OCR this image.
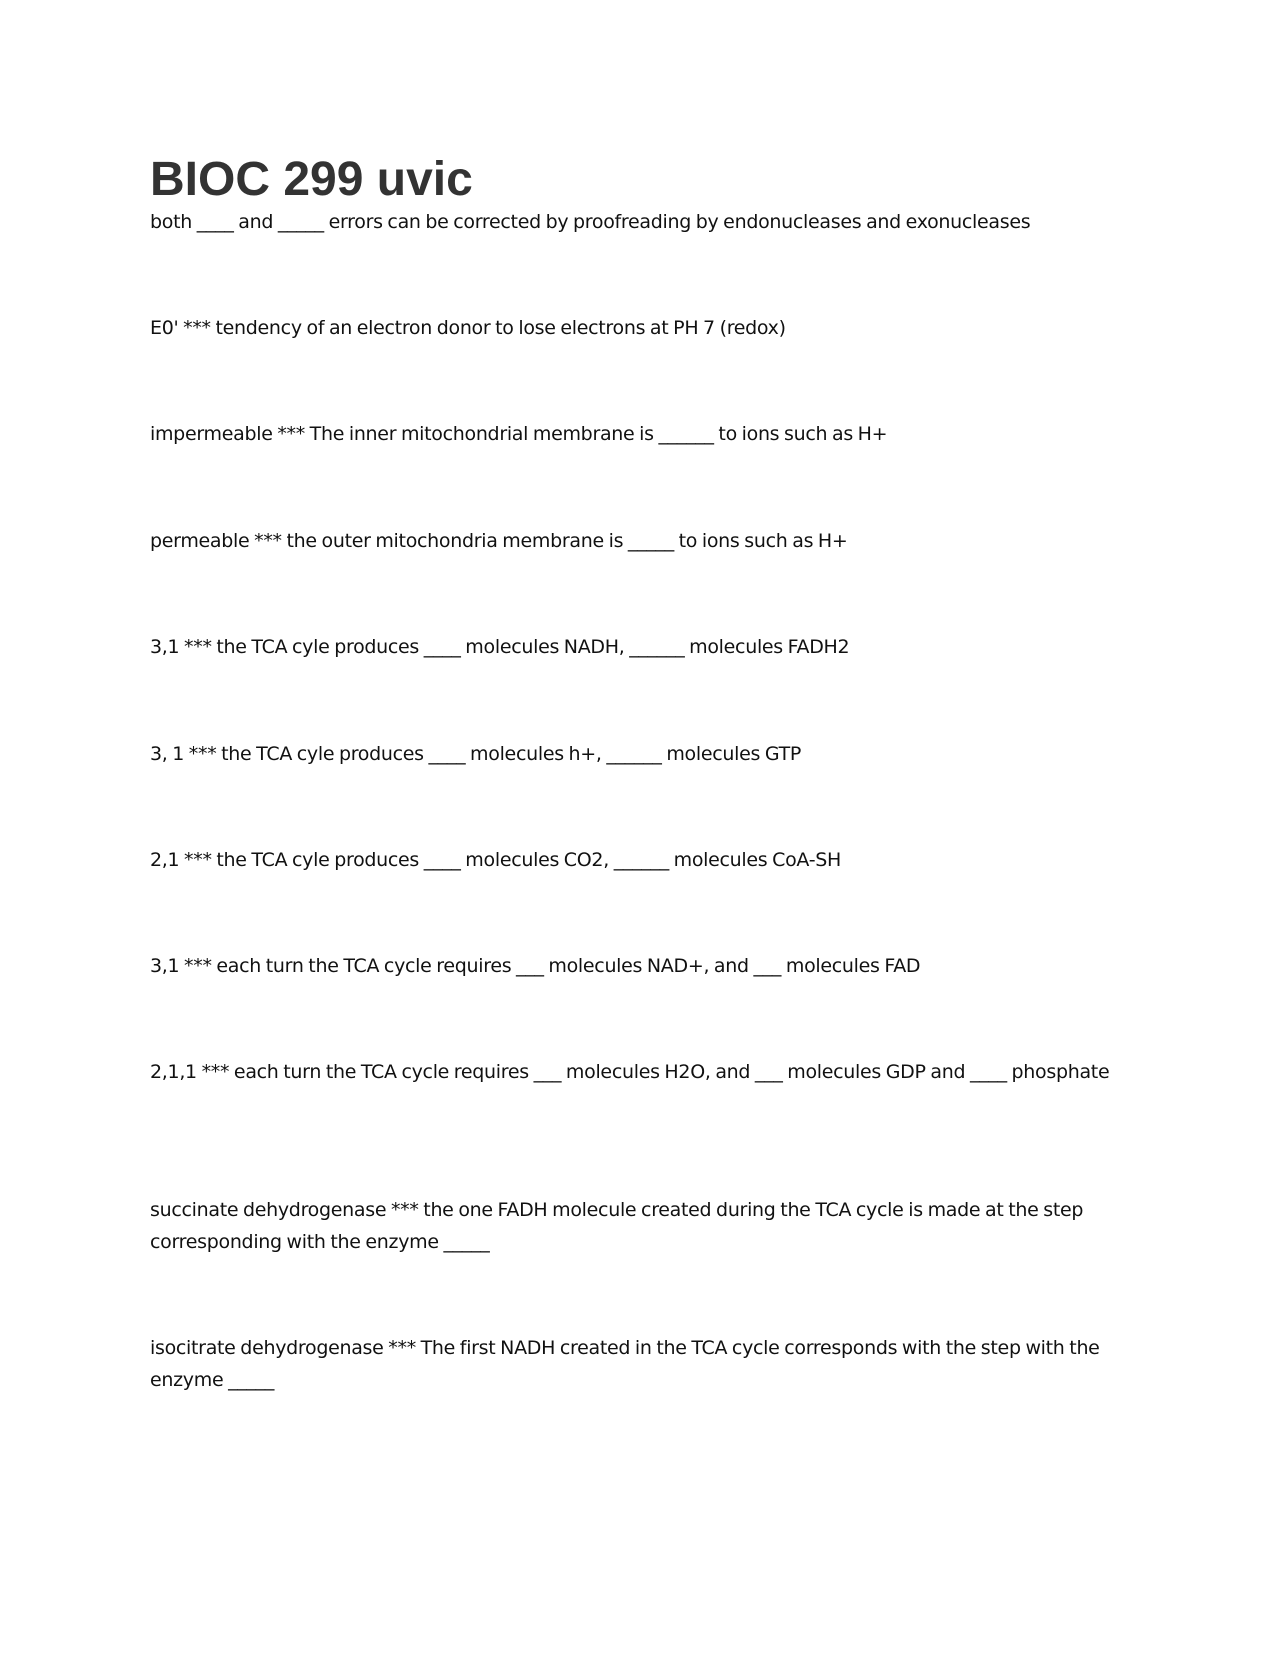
BIOC 299 uvic

both ____ and _____ errors can be corrected by proofreading by endonucleases and exonucleases

E0' *** tendency of an electron donor to lose electrons at PH 7 (redox)

impermeable *** The inner mitochondrial membrane is ______ to ions such as H+

permeable *** the outer mitochondria membrane is _____ to ions such as H+

3,1 *** the TCA cyle produces ____ molecules NADH, ______ molecules FADH2

3, 1 *** the TCA cyle produces ____ molecules h+, ______ molecules GTP

2,1 *** the TCA cyle produces ____ molecules CO2, ______ molecules CoA-SH

3,1 *** each turn the TCA cycle requires ___ molecules NAD+, and ___ molecules FAD

2,1,1 *** each turn the TCA cycle requires ___ molecules H2O, and ___ molecules GDP and ____ phosphate

succinate dehydrogenase *** the one FADH molecule created during the TCA cycle is made at the step corresponding with the enzyme _____

isocitrate dehydrogenase *** The first NADH created in the TCA cycle corresponds with the step with the enzyme _____
